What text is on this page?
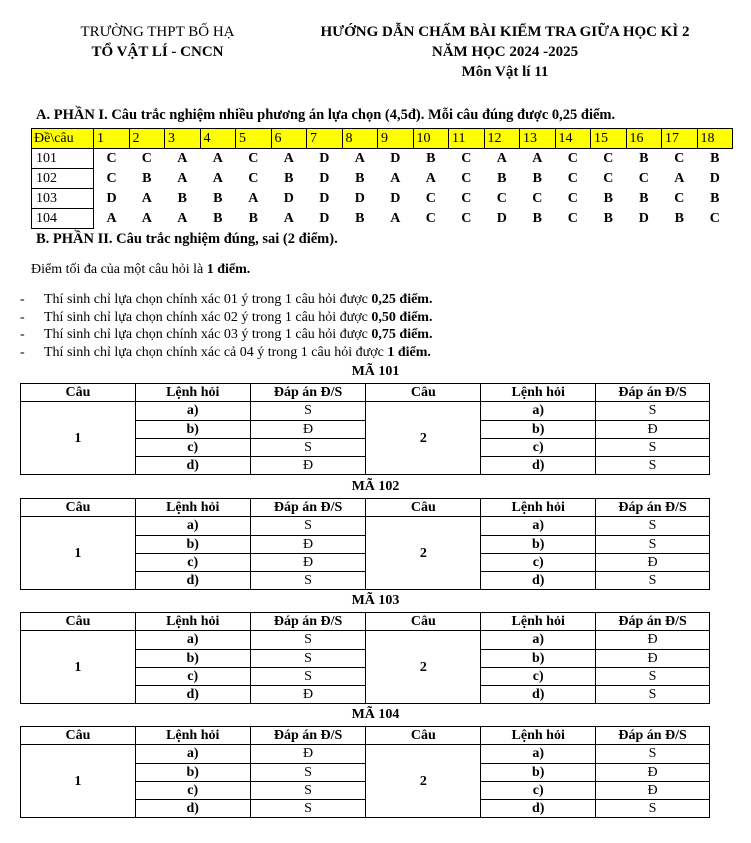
TRƯỜNG THPT BỐ HẠ
TỔ VẬT LÍ - CNCN
HƯỚNG DẪN CHẤM BÀI KIỂM TRA GIỮA HỌC KÌ 2
NĂM HỌC 2024 -2025
Môn Vật lí 11
A. PHẦN I. Câu trắc nghiệm nhiều phương án lựa chọn (4,5đ). Mỗi câu đúng được 0,25 điểm.
Đề\câu	1	2	3	4	5	6	7	8	9	10	11	12	13	14	15	16	17	18
101	C	C	A	A	C	A	D	A	D	B	C	A	A	C	C	B	C	B
102	C	B	A	A	C	B	D	B	A	A	C	B	B	C	C	C	A	D
103	D	A	B	B	A	D	D	D	D	C	C	C	C	C	B	B	C	B
104	A	A	A	B	B	A	D	B	A	C	C	D	B	C	B	D	B	C
B. PHẦN II. Câu trắc nghiệm đúng, sai (2 điểm).
Điểm tối đa của một câu hỏi là 1 điểm.
- Thí sinh chỉ lựa chọn chính xác 01 ý trong 1 câu hỏi được 0,25 điểm.
- Thí sinh chỉ lựa chọn chính xác 02 ý trong 1 câu hỏi được 0,50 điểm.
- Thí sinh chỉ lựa chọn chính xác 03 ý trong 1 câu hỏi được 0,75 điểm.
- Thí sinh chỉ lựa chọn chính xác cả 04 ý trong 1 câu hỏi được 1 điểm.
MÃ 101
Câu	Lệnh hỏi	Đáp án Đ/S	Câu	Lệnh hỏi	Đáp án Đ/S
1	a)	S	2	a)	S
	b)	Đ		b)	Đ
	c)	S		c)	S
	d)	Đ		d)	S
MÃ 102
Câu	Lệnh hỏi	Đáp án Đ/S	Câu	Lệnh hỏi	Đáp án Đ/S
1	a)	S	2	a)	S
	b)	Đ		b)	S
	c)	Đ		c)	Đ
	d)	S		d)	S
MÃ 103
Câu	Lệnh hỏi	Đáp án Đ/S	Câu	Lệnh hỏi	Đáp án Đ/S
1	a)	S	2	a)	Đ
	b)	S		b)	Đ
	c)	S		c)	S
	d)	Đ		d)	S
MÃ 104
Câu	Lệnh hỏi	Đáp án Đ/S	Câu	Lệnh hỏi	Đáp án Đ/S
1	a)	Đ	2	a)	S
	b)	S		b)	Đ
	c)	S		c)	Đ
	d)	S		d)	S
